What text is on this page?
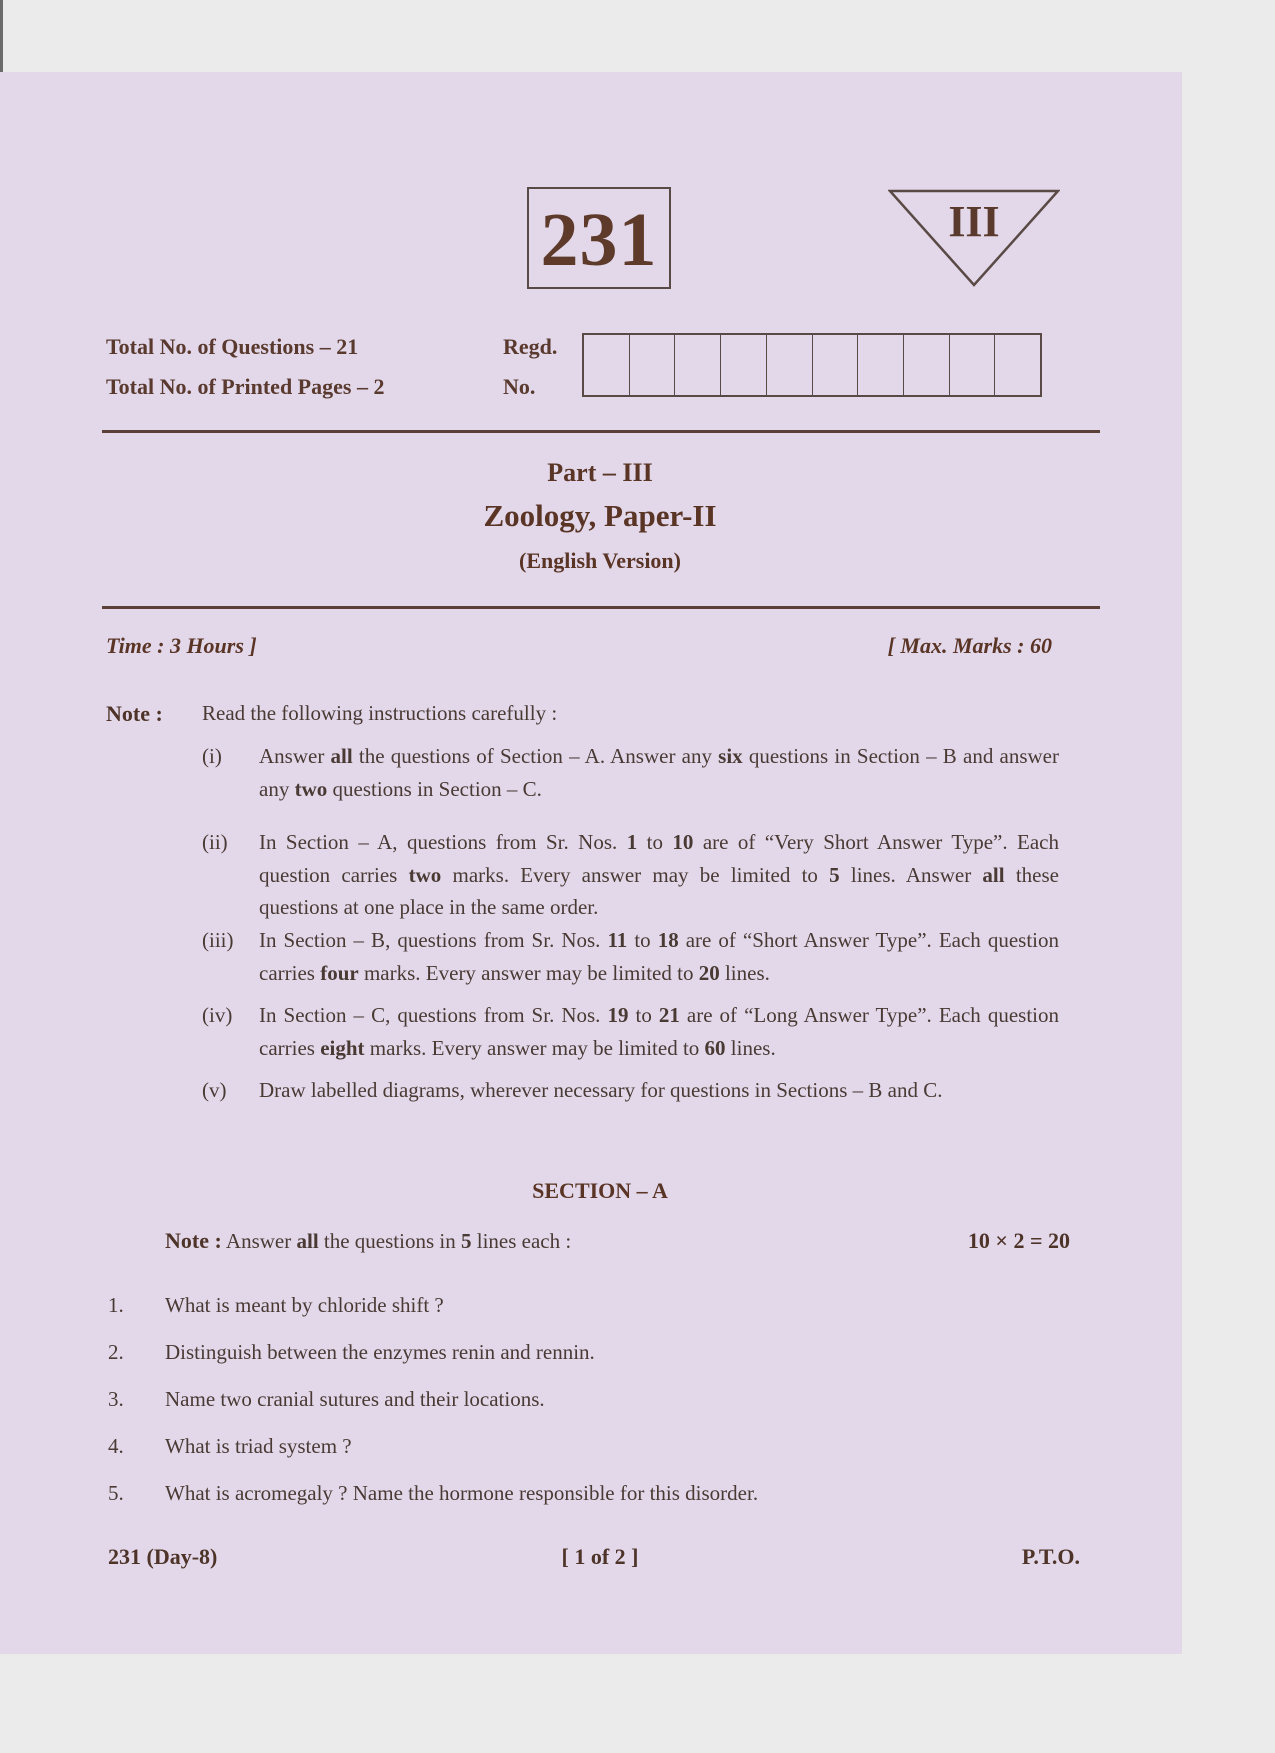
231	III
Total No. of Questions – 21
Total No. of Printed Pages – 2
Regd.
No.
Part – III
Zoology, Paper-II
(English Version)
Time : 3 Hours ]	[ Max. Marks : 60
Note : Read the following instructions carefully :
(i)	Answer all the questions of Section – A. Answer any six questions in Section – B and answer any two questions in Section – C.
(ii)	In Section – A, questions from Sr. Nos. 1 to 10 are of “Very Short Answer Type”. Each question carries two marks. Every answer may be limited to 5 lines. Answer all these questions at one place in the same order.
(iii)	In Section – B, questions from Sr. Nos. 11 to 18 are of “Short Answer Type”. Each question carries four marks. Every answer may be limited to 20 lines.
(iv)	In Section – C, questions from Sr. Nos. 19 to 21 are of “Long Answer Type”. Each question carries eight marks. Every answer may be limited to 60 lines.
(v)	Draw labelled diagrams, wherever necessary for questions in Sections – B and C.
SECTION – A
Note : Answer all the questions in 5 lines each :	10 × 2 = 20
1. What is meant by chloride shift ?
2. Distinguish between the enzymes renin and rennin.
3. Name two cranial sutures and their locations.
4. What is triad system ?
5. What is acromegaly ? Name the hormone responsible for this disorder.
231 (Day-8)	[ 1 of 2 ]	P.T.O.
